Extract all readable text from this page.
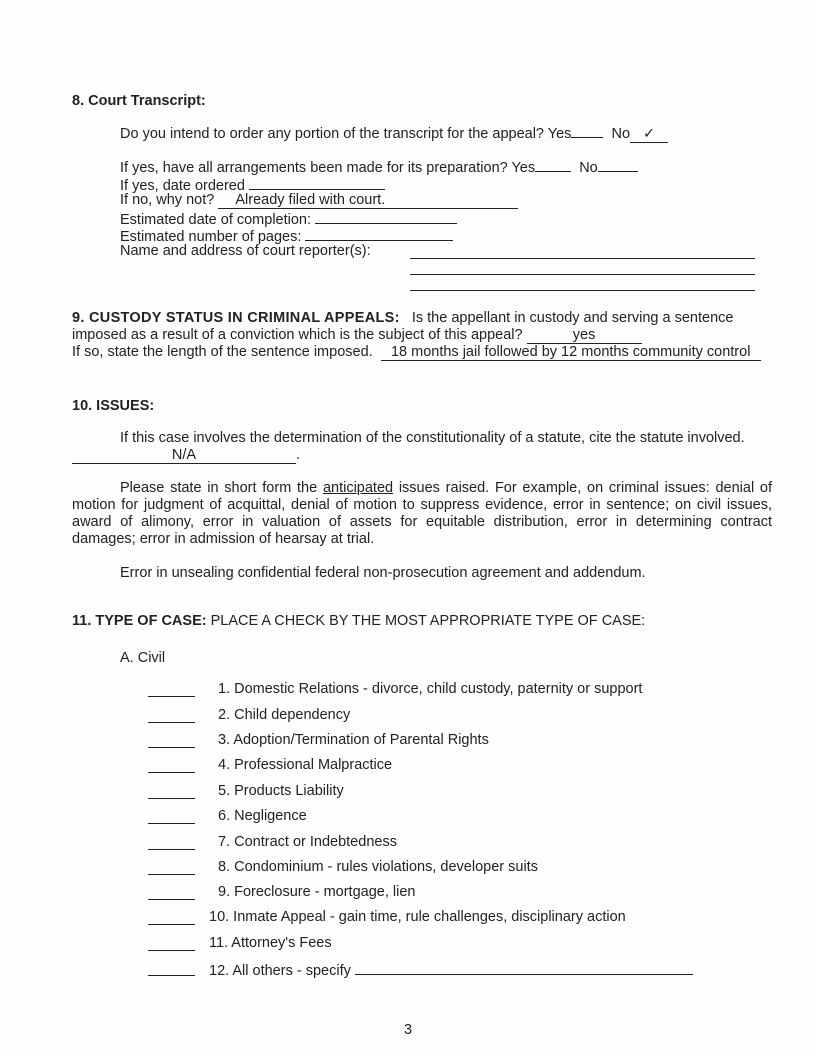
8. Court Transcript:
Do you intend to order any portion of the transcript for the appeal? Yes	No ✓
If yes, have all arrangements been made for its preparation? Yes	No
If yes, date ordered
If no, why not? Already filed with court.
Estimated date of completion:
Estimated number of pages:
Name and address of court reporter(s):
9. CUSTODY STATUS IN CRIMINAL APPEALS: Is the appellant in custody and serving a sentence
imposed as a result of a conviction which is the subject of this appeal?	yes
If so, state the length of the sentence imposed. 18 months jail followed by 12 months community control
10. ISSUES:
If this case involves the determination of the constitutionality of a statute, cite the statute involved.
N/A	.
Please state in short form the anticipated issues raised. For example, on criminal issues: denial of motion for judgment of acquittal, denial of motion to suppress evidence, error in sentence; on civil issues, award of alimony, error in valuation of assets for equitable distribution, error in determining contract damages; error in admission of hearsay at trial.
Error in unsealing confidential federal non-prosecution agreement and addendum.
11. TYPE OF CASE: PLACE A CHECK BY THE MOST APPROPRIATE TYPE OF CASE:
A. Civil
1. Domestic Relations - divorce, child custody, paternity or support
2. Child dependency
3. Adoption/Termination of Parental Rights
4. Professional Malpractice
5. Products Liability
6. Negligence
7. Contract or Indebtedness
8. Condominium - rules violations, developer suits
9. Foreclosure - mortgage, lien
10. Inmate Appeal - gain time, rule challenges, disciplinary action
11. Attorney's Fees
12. All others - specify
3
